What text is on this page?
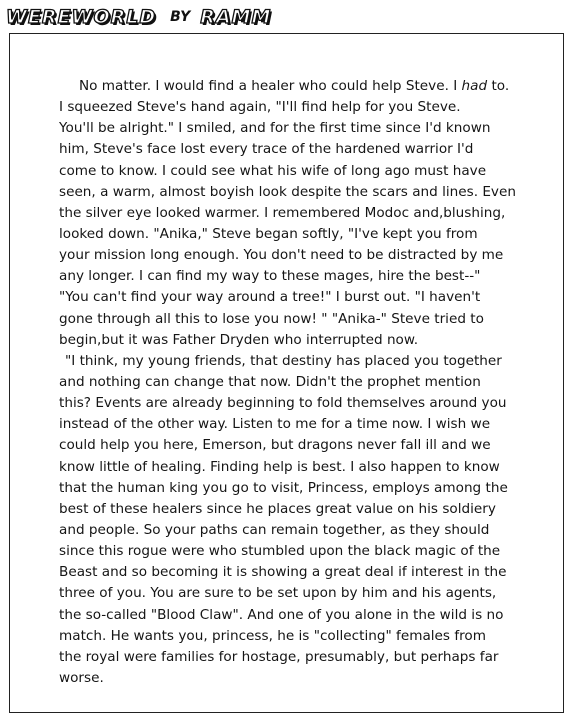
WEREWORLD BY RAMM
No matter. I would find a healer who could help Steve. I had to.
I squeezed Steve's hand again, "I'll find help for you Steve.
You'll be alright." I smiled, and for the first time since I'd known
him, Steve's face lost every trace of the hardened warrior I'd
come to know. I could see what his wife of long ago must have
seen, a warm, almost boyish look despite the scars and lines. Even
the silver eye looked warmer. I remembered Modoc and,blushing,
looked down. "Anika," Steve began softly, "I've kept you from
your mission long enough. You don't need to be distracted by me
any longer. I can find my way to these mages, hire the best--"
"You can't find your way around a tree!" I burst out. "I haven't
gone through all this to lose you now! " "Anika-" Steve tried to
begin,but it was Father Dryden who interrupted now.
"I think, my young friends, that destiny has placed you together
and nothing can change that now. Didn't the prophet mention
this? Events are already beginning to fold themselves around you
instead of the other way. Listen to me for a time now. I wish we
could help you here, Emerson, but dragons never fall ill and we
know little of healing. Finding help is best. I also happen to know
that the human king you go to visit, Princess, employs among the
best of these healers since he places great value on his soldiery
and people. So your paths can remain together, as they should
since this rogue were who stumbled upon the black magic of the
Beast and so becoming it is showing a great deal if interest in the
three of you. You are sure to be set upon by him and his agents,
the so-called "Blood Claw". And one of you alone in the wild is no
match. He wants you, princess, he is "collecting" females from
the royal were families for hostage, presumably, but perhaps far
worse.
